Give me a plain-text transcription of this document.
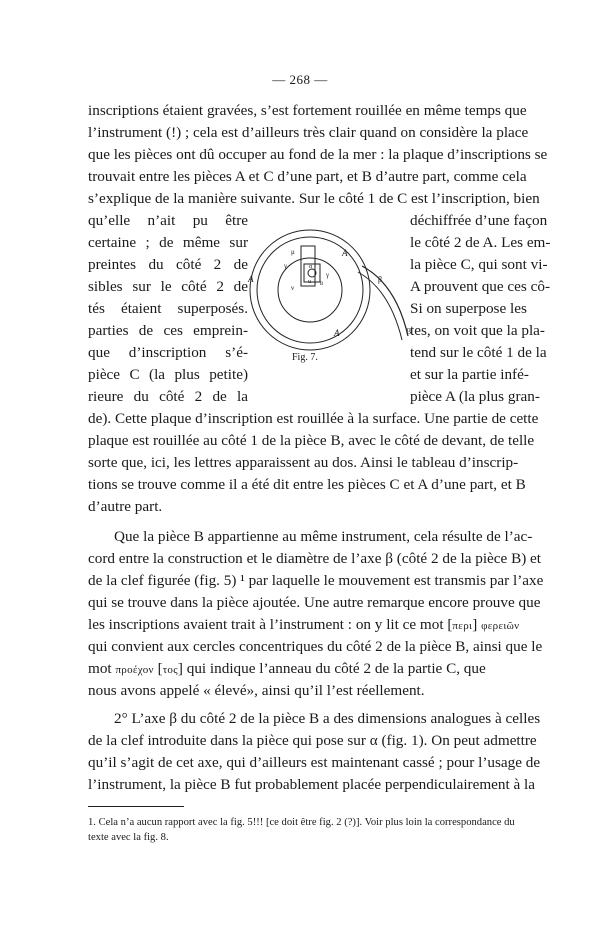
— 268 —
inscriptions étaient gravées, s’est fortement rouillée en même temps que
l’instrument (!) ; cela est d’ailleurs très clair quand on considère la place
que les pièces ont dû occuper au fond de la mer : la plaque d’inscriptions se
trouvait entre les pièces A et C d’une part, et B d’autre part, comme cela
s’explique de la manière suivante. Sur le côté 1 de C est l’inscription, bien
qu’elle n’ait pu être
certaine ; de même sur
preintes du côté 2 de
sibles sur le côté 2 de
tés étaient superposés.
parties de ces emprein-
que d’inscription s’é-
pièce C (la plus petite)
rieure du côté 2 de la
déchiffrée d’une façon
le côté 2 de A. Les em-
la pièce C, qui sont vi-
A prouvent que ces cô-
Si on superpose les
tes, on voit que la pla-
tend sur le côté 1 de la
et sur la partie infé-
pièce A (la plus gran-
A
A
A
γ
γ
μ
ν
α
u B
β
B
Fig. 7.
de). Cette plaque d’inscription est rouillée à la surface. Une partie de cette
plaque est rouillée au côté 1 de la pièce B, avec le côté de devant, de telle
sorte que, ici, les lettres apparaissent au dos. Ainsi le tableau d’inscrip-
tions se trouve comme il a été dit entre les pièces C et A d’une part, et B
d’autre part.
Que la pièce B appartienne au même instrument, cela résulte de l’ac-
cord entre la construction et le diamètre de l’axe β (côté 2 de la pièce B) et
de la clef figurée (fig. 5) ¹ par laquelle le mouvement est transmis par l’axe
qui se trouve dans la pièce ajoutée. Une autre remarque encore prouve que
les inscriptions avaient trait à l’instrument : on y lit ce mot [περι] φερειῶν
qui convient aux cercles concentriques du côté 2 de la pièce B, ainsi que le
mot προέχον [τος] qui indique l’anneau du côté 2 de la partie C, que
nous avons appelé « élevé», ainsi qu’il l’est réellement.
2° L’axe β du côté 2 de la pièce B a des dimensions analogues à celles
de la clef introduite dans la pièce qui pose sur α (fig. 1). On peut admettre
qu’il s’agit de cet axe, qui d’ailleurs est maintenant cassé ; pour l’usage de
l’instrument, la pièce B fut probablement placée perpendiculairement à la
1. Cela n’a aucun rapport avec la fig. 5!!! [ce doit être fig. 2 (?)]. Voir plus loin la correspondance du
texte avec la fig. 8.
